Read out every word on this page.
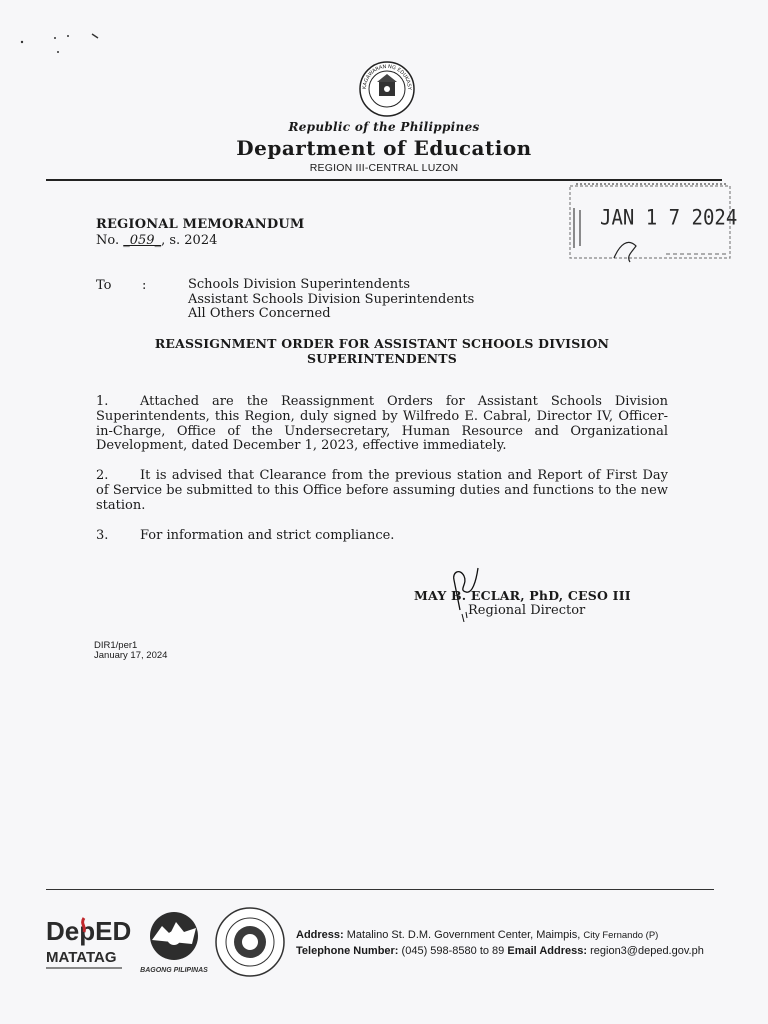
KAGAWARAN NG EDUKASY
Republic of the Philippines
Department of Education
REGION III-CENTRAL LUZON
JAN 1 7 2024
REGIONAL MEMORANDUM
No. _059_, s. 2024
To :	Schools Division Superintendents
Assistant Schools Division Superintendents
All Others Concerned
REASSIGNMENT ORDER FOR ASSISTANT SCHOOLS DIVISION
SUPERINTENDENTS
1. Attached are the Reassignment Orders for Assistant Schools Division Superintendents, this Region, duly signed by Wilfredo E. Cabral, Director IV, Officer-in-Charge, Office of the Undersecretary, Human Resource and Organizational Development, dated December 1, 2023, effective immediately.
2. It is advised that Clearance from the previous station and Report of First Day of Service be submitted to this Office before assuming duties and functions to the new station.
3. For information and strict compliance.
MAY B. ECLAR, PhD, CESO III
Regional Director
DIR1/per1
January 17, 2024
DepED
MATATAG
BAGONG PILIPINAS
Address: Matalino St. D.M. Government Center, Maimpis, City Fernando (P)
Telephone Number: (045) 598-8580 to 89 Email Address: region3@deped.gov.ph
